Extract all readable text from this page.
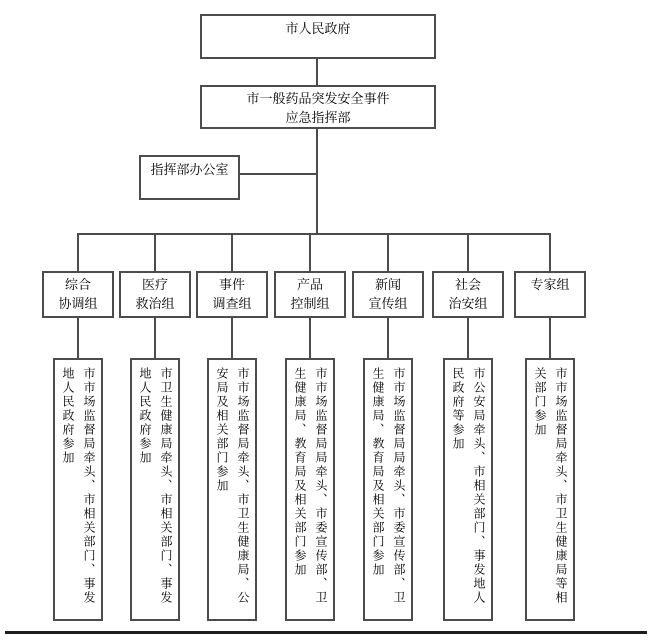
市人民政府
市一般药品突发安全事件
应急指挥部
指挥部办公室
综合
协调组
医疗
救治组
事件
调查组
产品
控制组
新闻
宣传组
社会
治安组
专家组
市市场监督局牵头、市相关部门、事发地人民政府参加	市卫生健康局牵头、市相关部门、事发地人民政府参加	市市场监督局牵头、市卫生健康局、公安局及相关部门参加	市市场监督局局牵头、市委宣传部、卫生健康局、教育局及相关部门参加	市市场监督局局牵头、市委宣传部、卫生健康局、教育局及相关部门参加	市公安局牵头、市相关部门、事发地人民政府等参加	市市场监督局牵头、市卫生健康局等相关部门参加
